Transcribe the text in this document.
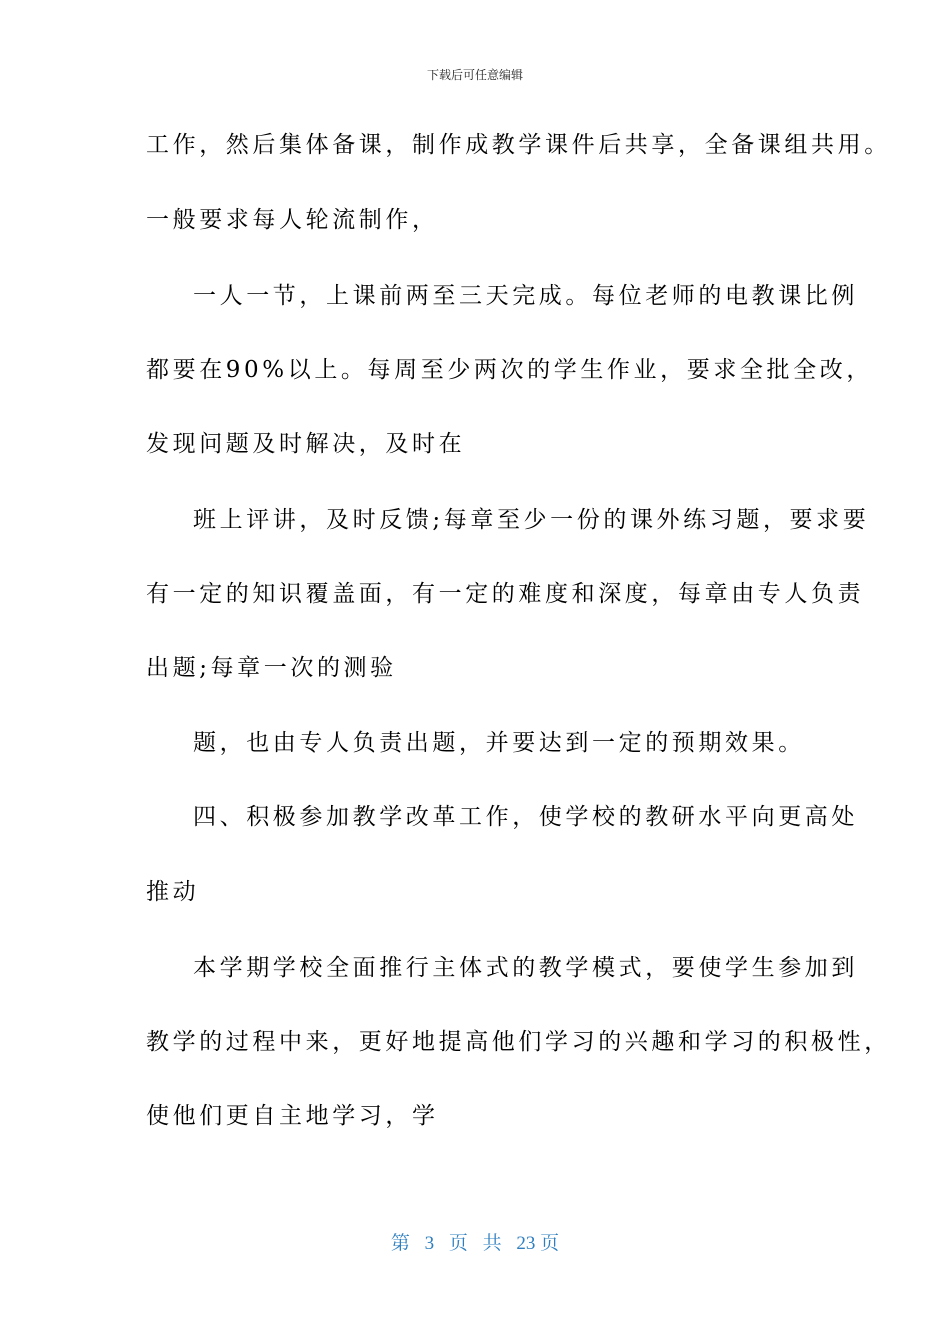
下载后可任意编辑
工作，然后集体备课，制作成教学课件后共享，全备课组共用。
一般要求每人轮流制作，
一人一节，上课前两至三天完成。每位老师的电教课比例
都要在90%以上。每周至少两次的学生作业，要求全批全改，
发现问题及时解决，及时在
班上评讲，及时反馈;每章至少一份的课外练习题，要求要
有一定的知识覆盖面，有一定的难度和深度，每章由专人负责
出题;每章一次的测验
题，也由专人负责出题，并要达到一定的预期效果。
四、积极参加教学改革工作，使学校的教研水平向更高处
推动
本学期学校全面推行主体式的教学模式，要使学生参加到
教学的过程中来，更好地提高他们学习的兴趣和学习的积极性，
使他们更自主地学习，学
第 3 页 共 23 页
